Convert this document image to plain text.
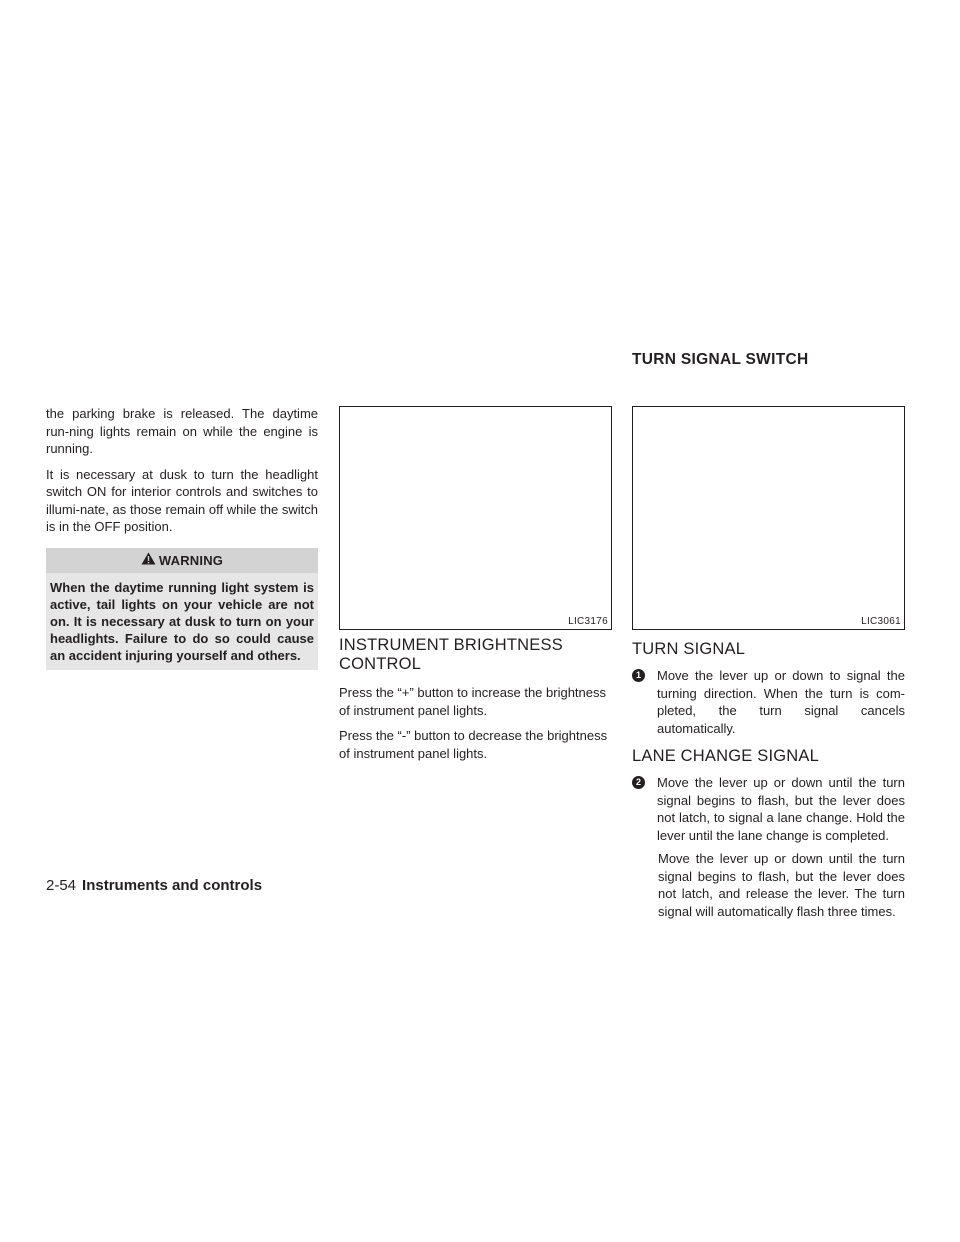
TURN SIGNAL SWITCH

the parking brake is released. The daytime run-ning lights remain on while the engine is running.

It is necessary at dusk to turn the headlight switch ON for interior controls and switches to illumi-nate, as those remain off while the switch is in the OFF position.

WARNING
When the daytime running light system is active, tail lights on your vehicle are not on. It is necessary at dusk to turn on your headlights. Failure to do so could cause an accident injuring yourself and others.
LIC3176	LIC3061
INSTRUMENT BRIGHTNESS CONTROL

Press the “+” button to increase the brightness of instrument panel lights.

Press the “-” button to decrease the brightness of instrument panel lights.

TURN SIGNAL
1	Move the lever up or down to signal the turning direction. When the turn is com-pleted, the turn signal cancels automatically.
LANE CHANGE SIGNAL
2	Move the lever up or down until the turn signal begins to flash, but the lever does not latch, to signal a lane change. Hold the lever until the lane change is completed.

Move the lever up or down until the turn signal begins to flash, but the lever does not latch, and release the lever. The turn signal will automatically flash three times.

2-54 Instruments and controls
